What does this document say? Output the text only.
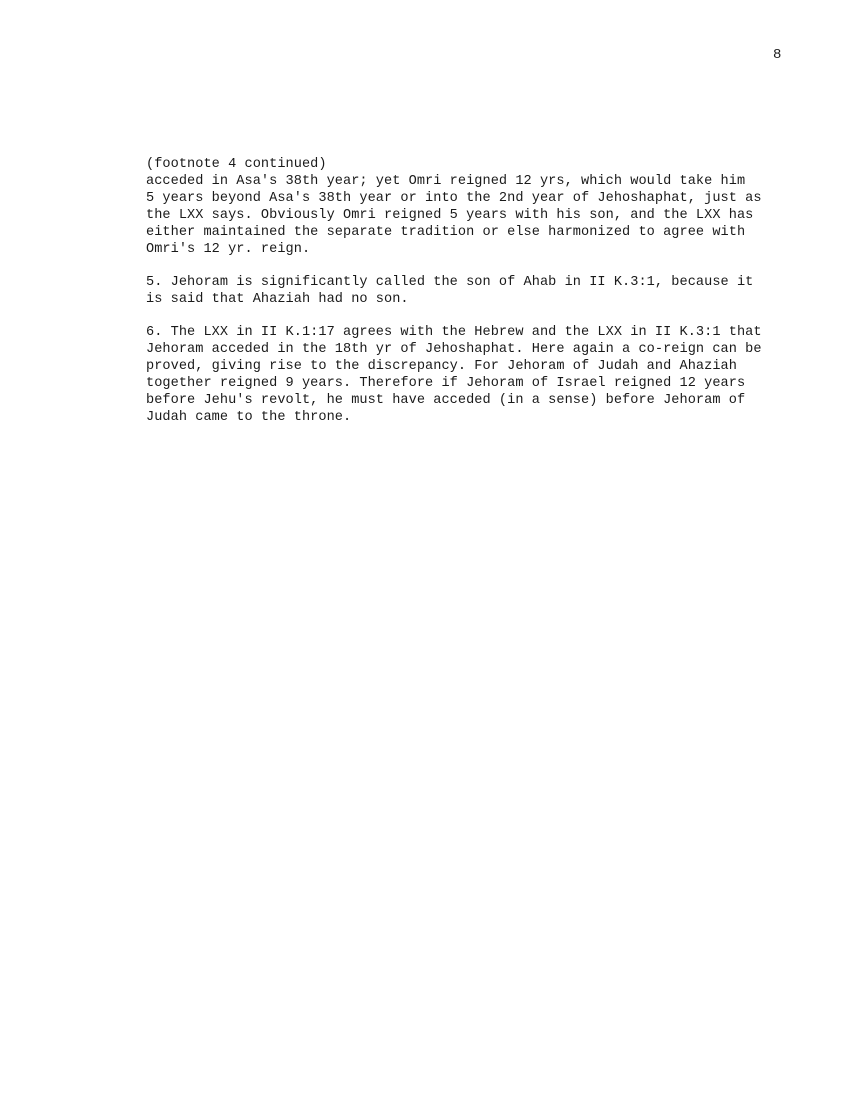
8

(footnote 4 continued)
acceded in Asa's 38th year; yet Omri reigned 12 yrs, which would take him
5 years beyond Asa's 38th year or into the 2nd year of Jehoshaphat, just as
the LXX says. Obviously Omri reigned 5 years with his son, and the LXX has
either maintained the separate tradition or else harmonized to agree with
Omri's 12 yr. reign.

5. Jehoram is significantly called the son of Ahab in II K.3:1, because it
is said that Ahaziah had no son.

6. The LXX in II K.1:17 agrees with the Hebrew and the LXX in II K.3:1 that
Jehoram acceded in the 18th yr of Jehoshaphat. Here again a co-reign can be
proved, giving rise to the discrepancy. For Jehoram of Judah and Ahaziah
together reigned 9 years. Therefore if Jehoram of Israel reigned 12 years
before Jehu's revolt, he must have acceded (in a sense) before Jehoram of
Judah came to the throne.
